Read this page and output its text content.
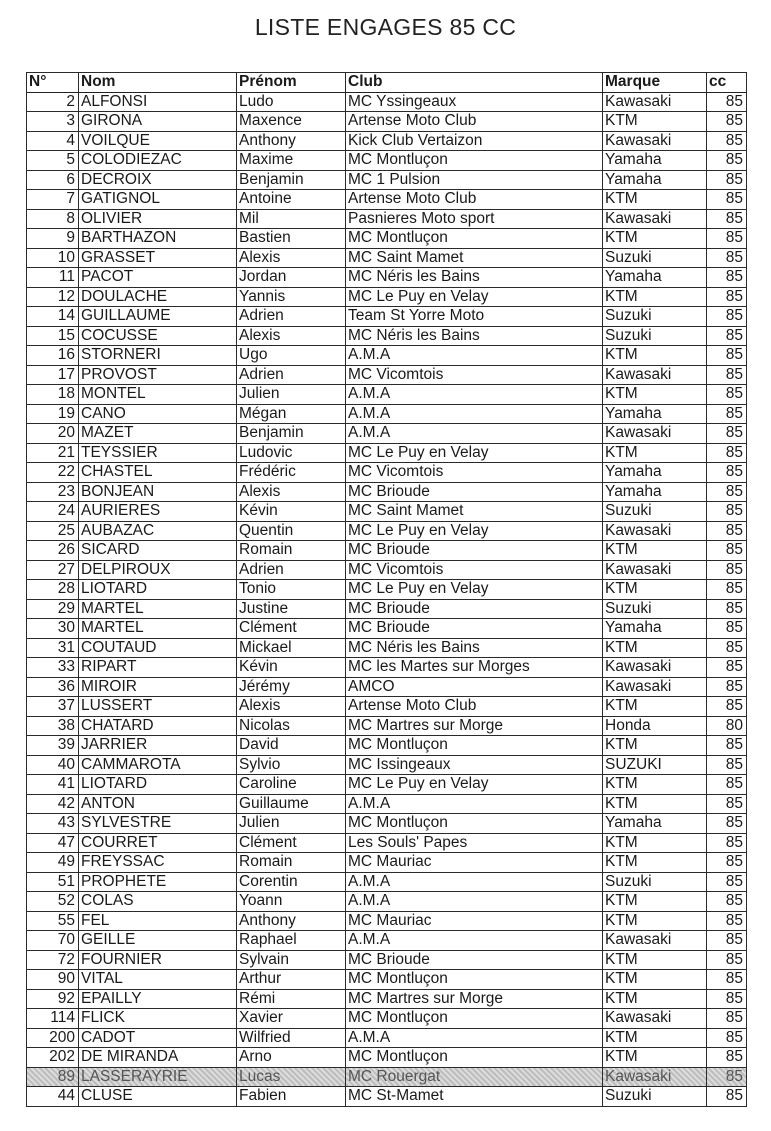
LISTE ENGAGES 85 CC
N°	Nom	Prénom	Club	Marque	cc
2	ALFONSI	Ludo	MC Yssingeaux	Kawasaki	85
3	GIRONA	Maxence	Artense Moto Club	KTM	85
4	VOILQUE	Anthony	Kick Club Vertaizon	Kawasaki	85
5	COLODIEZAC	Maxime	MC Montluçon	Yamaha	85
6	DECROIX	Benjamin	MC 1 Pulsion	Yamaha	85
7	GATIGNOL	Antoine	Artense Moto Club	KTM	85
8	OLIVIER	Mil	Pasnieres Moto sport	Kawasaki	85
9	BARTHAZON	Bastien	MC Montluçon	KTM	85
10	GRASSET	Alexis	MC Saint Mamet	Suzuki	85
11	PACOT	Jordan	MC Néris les Bains	Yamaha	85
12	DOULACHE	Yannis	MC Le Puy en Velay	KTM	85
14	GUILLAUME	Adrien	Team St Yorre Moto	Suzuki	85
15	COCUSSE	Alexis	MC Néris les Bains	Suzuki	85
16	STORNERI	Ugo	A.M.A	KTM	85
17	PROVOST	Adrien	MC Vicomtois	Kawasaki	85
18	MONTEL	Julien	A.M.A	KTM	85
19	CANO	Mégan	A.M.A	Yamaha	85
20	MAZET	Benjamin	A.M.A	Kawasaki	85
21	TEYSSIER	Ludovic	MC Le Puy en Velay	KTM	85
22	CHASTEL	Frédéric	MC Vicomtois	Yamaha	85
23	BONJEAN	Alexis	MC Brioude	Yamaha	85
24	AURIERES	Kévin	MC Saint Mamet	Suzuki	85
25	AUBAZAC	Quentin	MC Le Puy en Velay	Kawasaki	85
26	SICARD	Romain	MC Brioude	KTM	85
27	DELPIROUX	Adrien	MC Vicomtois	Kawasaki	85
28	LIOTARD	Tonio	MC Le Puy en Velay	KTM	85
29	MARTEL	Justine	MC Brioude	Suzuki	85
30	MARTEL	Clément	MC Brioude	Yamaha	85
31	COUTAUD	Mickael	MC Néris les Bains	KTM	85
33	RIPART	Kévin	MC les Martes sur Morges	Kawasaki	85
36	MIROIR	Jérémy	AMCO	Kawasaki	85
37	LUSSERT	Alexis	Artense Moto Club	KTM	85
38	CHATARD	Nicolas	MC Martres sur Morge	Honda	80
39	JARRIER	David	MC Montluçon	KTM	85
40	CAMMAROTA	Sylvio	MC Issingeaux	SUZUKI	85
41	LIOTARD	Caroline	MC Le Puy en Velay	KTM	85
42	ANTON	Guillaume	A.M.A	KTM	85
43	SYLVESTRE	Julien	MC Montluçon	Yamaha	85
47	COURRET	Clément	Les Souls' Papes	KTM	85
49	FREYSSAC	Romain	MC Mauriac	KTM	85
51	PROPHETE	Corentin	A.M.A	Suzuki	85
52	COLAS	Yoann	A.M.A	KTM	85
55	FEL	Anthony	MC Mauriac	KTM	85
70	GEILLE	Raphael	A.M.A	Kawasaki	85
72	FOURNIER	Sylvain	MC Brioude	KTM	85
90	VITAL	Arthur	MC Montluçon	KTM	85
92	EPAILLY	Rémi	MC Martres sur Morge	KTM	85
114	FLICK	Xavier	MC Montluçon	Kawasaki	85
200	CADOT	Wilfried	A.M.A	KTM	85
202	DE MIRANDA	Arno	MC Montluçon	KTM	85
89	LASSERAYRIE	Lucas	MC Rouergat	Kawasaki	85
44	CLUSE	Fabien	MC St-Mamet	Suzuki	85
